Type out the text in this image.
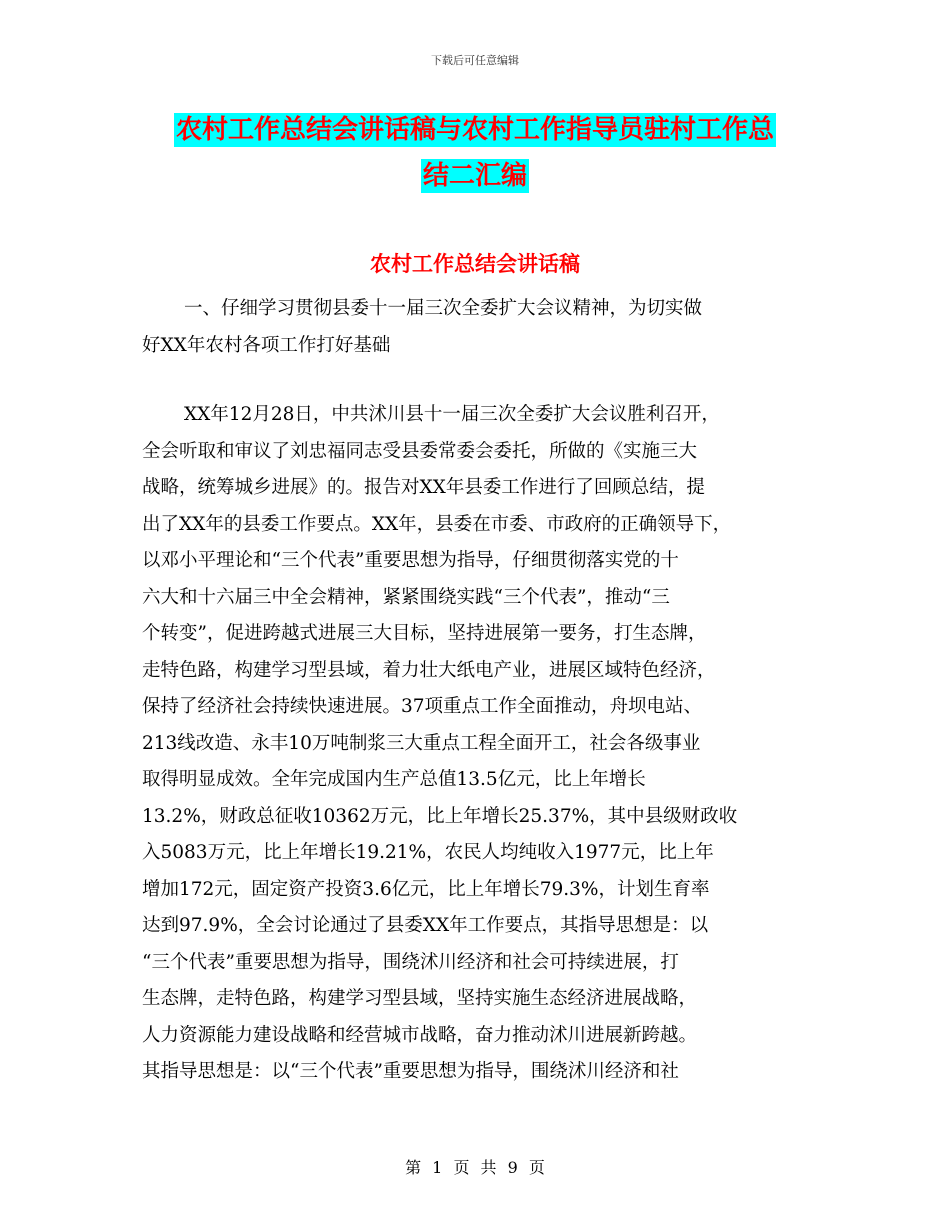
下载后可任意编辑
农村工作总结会讲话稿与农村工作指导员驻村工作总
结二汇编
农村工作总结会讲话稿
一、仔细学习贯彻县委十一届三次全委扩大会议精神，为切实做
好XX年农村各项工作打好基础
XX年12月28日，中共沭川县十一届三次全委扩大会议胜利召开，
全会听取和审议了刘忠福同志受县委常委会委托，所做的《实施三大
战略，统筹城乡进展》的。报告对XX年县委工作进行了回顾总结，提
出了XX年的县委工作要点。XX年，县委在市委、市政府的正确领导下，
以邓小平理论和“三个代表”重要思想为指导，仔细贯彻落实党的十
六大和十六届三中全会精神，紧紧围绕实践“三个代表”，推动“三
个转变”，促进跨越式进展三大目标，坚持进展第一要务，打生态牌，
走特色路，构建学习型县域，着力壮大纸电产业，进展区域特色经济，
保持了经济社会持续快速进展。37项重点工作全面推动，舟坝电站、
213线改造、永丰10万吨制浆三大重点工程全面开工，社会各级事业
取得明显成效。全年完成国内生产总值13.5亿元，比上年增长
13.2%，财政总征收10362万元，比上年增长25.37%，其中县级财政收
入5083万元，比上年增长19.21%，农民人均纯收入1977元，比上年
增加172元，固定资产投资3.6亿元，比上年增长79.3%，计划生育率
达到97.9%，全会讨论通过了县委XX年工作要点，其指导思想是：以
“三个代表”重要思想为指导，围绕沭川经济和社会可持续进展，打
生态牌，走特色路，构建学习型县域，坚持实施生态经济进展战略，
人力资源能力建设战略和经营城市战略，奋力推动沭川进展新跨越。
其指导思想是：以“三个代表”重要思想为指导，围绕沭川经济和社
第 1 页 共 9 页
